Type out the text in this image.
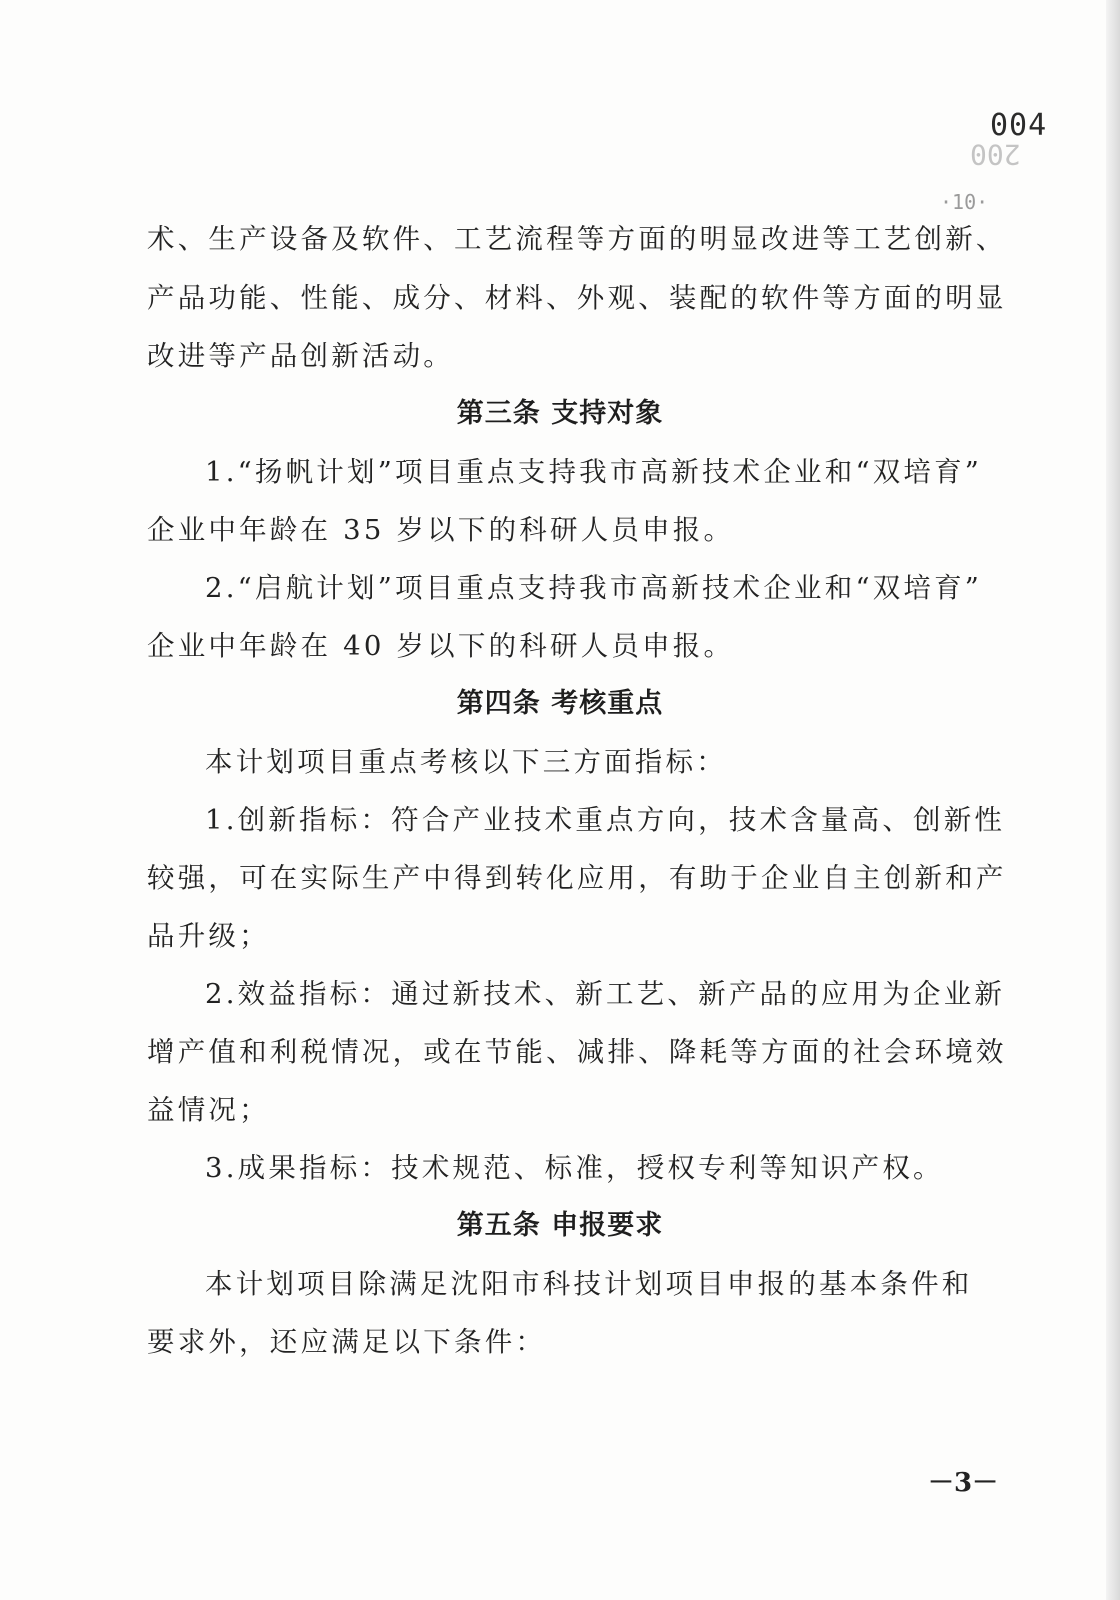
004
200
·10·
术、生产设备及软件、工艺流程等方面的明显改进等工艺创新、
产品功能、性能、成分、材料、外观、装配的软件等方面的明显
改进等产品创新活动。
第三条 支持对象
1.“扬帆计划”项目重点支持我市高新技术企业和“双培育”
企业中年龄在 35 岁以下的科研人员申报。
2.“启航计划”项目重点支持我市高新技术企业和“双培育”
企业中年龄在 40 岁以下的科研人员申报。
第四条 考核重点
本计划项目重点考核以下三方面指标：
1.创新指标：符合产业技术重点方向，技术含量高、创新性
较强，可在实际生产中得到转化应用，有助于企业自主创新和产
品升级；
2.效益指标：通过新技术、新工艺、新产品的应用为企业新
增产值和利税情况，或在节能、减排、降耗等方面的社会环境效
益情况；
3.成果指标：技术规范、标准，授权专利等知识产权。
第五条 申报要求
本计划项目除满足沈阳市科技计划项目申报的基本条件和
要求外，还应满足以下条件：
－3－
